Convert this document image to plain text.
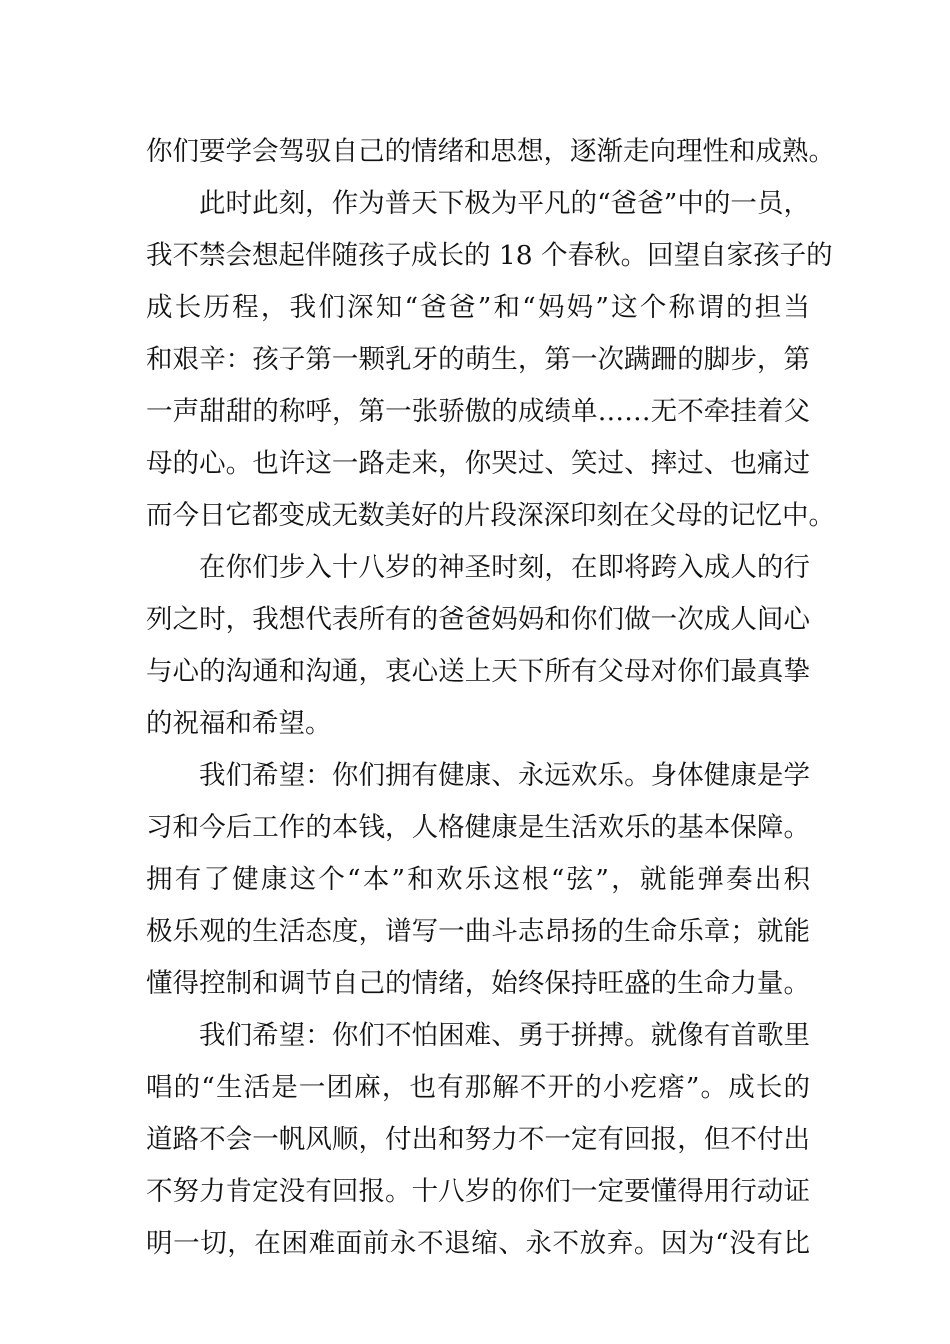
你们要学会驾驭自己的情绪和思想，逐渐走向理性和成熟。
此时此刻，作为普天下极为平凡的“爸爸”中的一员，
我不禁会想起伴随孩子成长的 18 个春秋。回望自家孩子的
成长历程，我们深知“爸爸”和“妈妈”这个称谓的担当
和艰辛：孩子第一颗乳牙的萌生，第一次蹒跚的脚步，第
一声甜甜的称呼，第一张骄傲的成绩单……无不牵挂着父
母的心。也许这一路走来，你哭过、笑过、摔过、也痛过
而今日它都变成无数美好的片段深深印刻在父母的记忆中。
在你们步入十八岁的神圣时刻，在即将跨入成人的行
列之时，我想代表所有的爸爸妈妈和你们做一次成人间心
与心的沟通和沟通，衷心送上天下所有父母对你们最真挚
的祝福和希望。
我们希望：你们拥有健康、永远欢乐。身体健康是学
习和今后工作的本钱，人格健康是生活欢乐的基本保障。
拥有了健康这个“本”和欢乐这根“弦”，就能弹奏出积
极乐观的生活态度，谱写一曲斗志昂扬的生命乐章；就能
懂得控制和调节自己的情绪，始终保持旺盛的生命力量。
我们希望：你们不怕困难、勇于拼搏。就像有首歌里
唱的“生活是一团麻，也有那解不开的小疙瘩”。成长的
道路不会一帆风顺，付出和努力不一定有回报，但不付出
不努力肯定没有回报。十八岁的你们一定要懂得用行动证
明一切，在困难面前永不退缩、永不放弃。因为“没有比
